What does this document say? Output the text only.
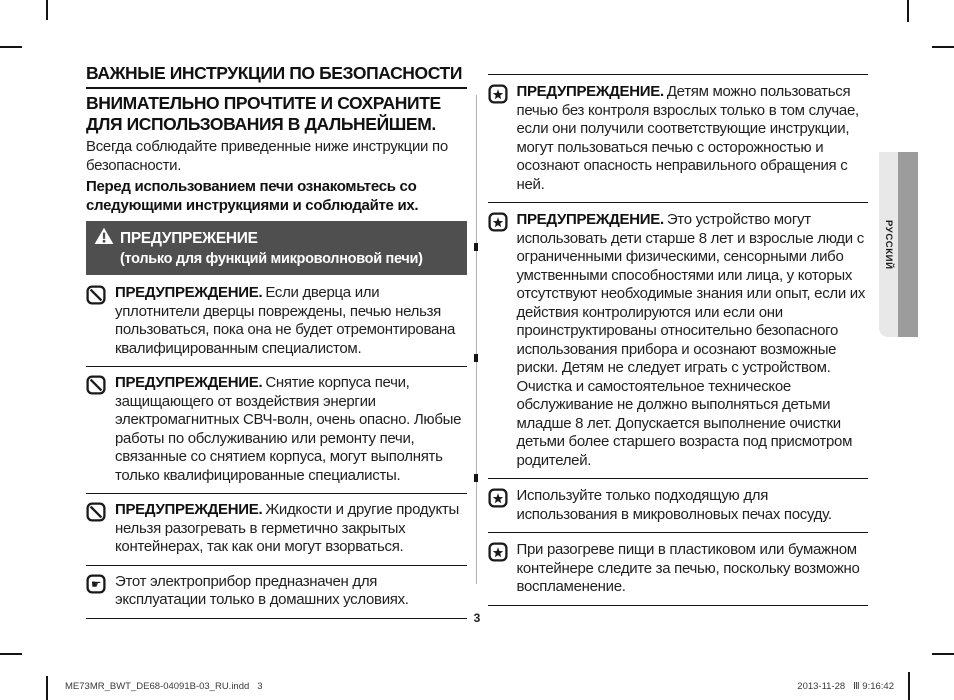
ВАЖНЫЕ ИНСТРУКЦИИ ПО БЕЗОПАСНОСТИ
ВНИМАТЕЛЬНО ПРОЧТИТЕ И СОХРАНИТЕ ДЛЯ ИСПОЛЬЗОВАНИЯ В ДАЛЬНЕЙШЕМ.

Всегда соблюдайте приведенные ниже инструкции по безопасности.

Перед использованием печи ознакомьтесь со следующими инструкциями и соблюдайте их.

ПРЕДУПРЕЖЕНИЕ
(только для функций микроволновой печи)

ПРЕДУПРЕЖДЕНИЕ. Если дверца или уплотнители дверцы повреждены, печью нельзя пользоваться, пока она не будет отремонтирована квалифицированным специалистом.

ПРЕДУПРЕЖДЕНИЕ. Снятие корпуса печи, защищающего от воздействия энергии электромагнитных СВЧ-волн, очень опасно. Любые работы по обслуживанию или ремонту печи, связанные со снятием корпуса, могут выполнять только квалифицированные специалисты.

ПРЕДУПРЕЖДЕНИЕ. Жидкости и другие продукты нельзя разогревать в герметично закрытых контейнерах, так как они могут взорваться.

☛ Этот электроприбор предназначен для эксплуатации только в домашних условиях.

ПРЕДУПРЕЖДЕНИЕ. Детям можно пользоваться печью без контроля взрослых только в том случае, если они получили соответствующие инструкции, могут пользоваться печью с осторожностью и осознают опасность неправильного обращения с ней.

ПРЕДУПРЕЖДЕНИЕ. Это устройство могут использовать дети старше 8 лет и взрослые люди с ограниченными физическими, сенсорными либо умственными способностями или лица, у которых отсутствуют необходимые знания или опыт, если их действия контролируются или если они проинструктированы относительно безопасного использования прибора и осознают возможные риски. Детям не следует играть с устройством. Очистка и самостоятельное техническое обслуживание не должно выполняться детьми младше 8 лет. Допускается выполнение очистки детьми более старшего возраста под присмотром родителей.

Используйте только подходящую для использования в микроволновых печах посуду.

При разогреве пищи в пластиковом или бумажном контейнере следите за печью, поскольку возможно воспламенение.

РУССКИЙ
3
ME73MR_BWT_DE68-04091B-03_RU.indd   3	2013-11-28   Ⅲ 9:16:42
